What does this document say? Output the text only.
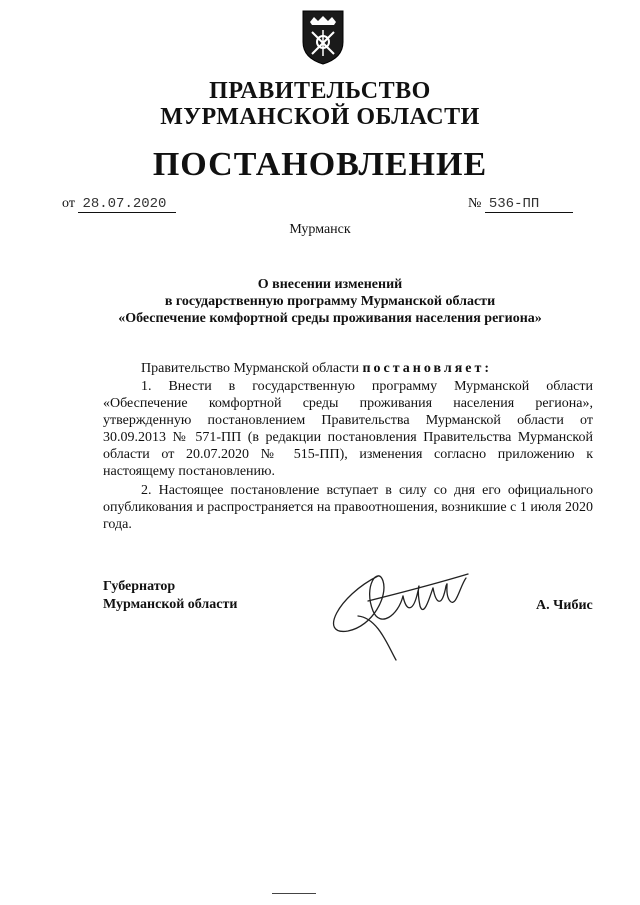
ПРАВИТЕЛЬСТВО
МУРМАНСКОЙ ОБЛАСТИ
ПОСТАНОВЛЕНИЕ
от 28.07.2020	№ 536-ПП
Мурманск
О внесении изменений
в государственную программу Мурманской области
«Обеспечение комфортной среды проживания населения региона»
Правительство Мурманской области постановляет:
1. Внести в государственную программу Мурманской области «Обеспечение комфортной среды проживания населения региона», утвержденную постановлением Правительства Мурманской области от 30.09.2013 № 571-ПП (в редакции постановления Правительства Мурманской области от 20.07.2020 № 515-ПП), изменения согласно приложению к настоящему постановлению.
2. Настоящее постановление вступает в силу со дня его официального опубликования и распространяется на правоотношения, возникшие с 1 июля 2020 года.
Губернатор
Мурманской области	А. Чибис
